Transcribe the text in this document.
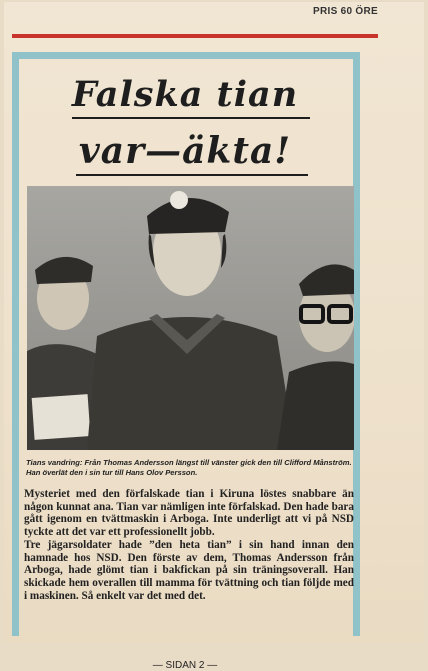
PRIS 60 ÖRE
Falska tian
var—äkta!

Tians vandring: Från Thomas Andersson längst till vänster gick den till Clifford Månström. Han överlät den i sin tur till Hans Olov Persson.

Mysteriet med den förfalskade tian i Kiruna löstes snabbare än någon kunnat ana. Tian var nämligen inte förfalskad. Den hade bara gått igenom en tvättmaskin i Arboga. Inte underligt att vi på NSD tyckte att det var ett professionellt jobb.

Tre jägarsoldater hade ”den heta tian” i sin hand innan den hamnade hos NSD. Den förste av dem, Thomas Andersson från Arboga, hade glömt tian i bakfickan på sin träningsoverall. Han skickade hem overallen till mamma för tvättning och tian följde med i maskinen. Så enkelt var det med det.

— SIDAN 2 —
